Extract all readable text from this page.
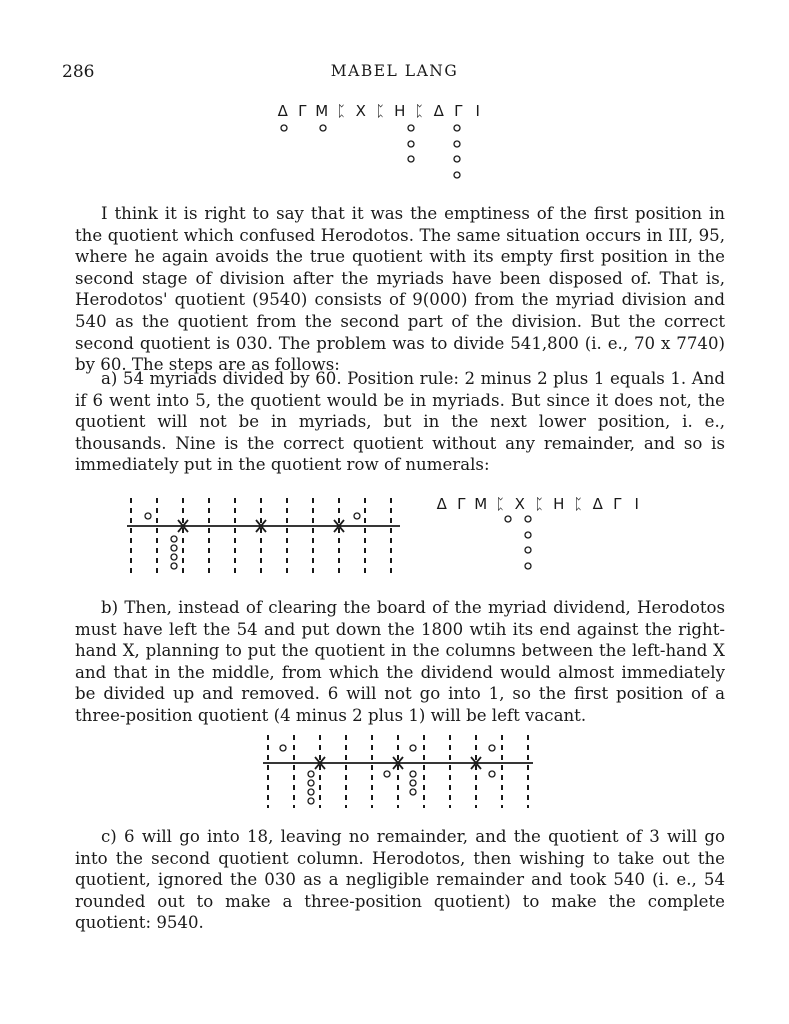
286	MABEL LANG
Δ Γ M ᛈ X ᛈ H ᛈ Δ Γ I

I think it is right to say that it was the emptiness of the first position in the quotient which confused Herodotos. The same situation occurs in III, 95, where he again avoids the true quotient with its empty first position in the second stage of division after the myriads have been disposed of. That is, Herodotos' quotient (9540) consists of 9(000) from the myriad division and 540 as the quotient from the second part of the division. But the correct second quotient is 030. The problem was to divide 541,800 (i. e., 70 x 7740) by 60. The steps are as follows:

a) 54 myriads divided by 60. Position rule: 2 minus 2 plus 1 equals 1. And if 6 went into 5, the quotient would be in myriads. But since it does not, the quotient will not be in myriads, but in the next lower position, i. e., thousands. Nine is the correct quotient without any remainder, and so is immediately put in the quotient row of numerals:

Δ Γ M ᛈ X ᛈ H ᛈ Δ Γ I

b) Then, instead of clearing the board of the myriad dividend, Herodotos must have left the 54 and put down the 1800 wtih its end against the right-hand X, planning to put the quotient in the columns between the left-hand X and that in the middle, from which the dividend would almost immediately be divided up and removed. 6 will not go into 1, so the first position of a three-position quotient (4 minus 2 plus 1) will be left vacant.

c) 6 will go into 18, leaving no remainder, and the quotient of 3 will go into the second quotient column. Herodotos, then wishing to take out the quotient, ignored the 030 as a negligible remainder and took 540 (i. e., 54 rounded out to make a three-position quotient) to make the complete quotient: 9540.
